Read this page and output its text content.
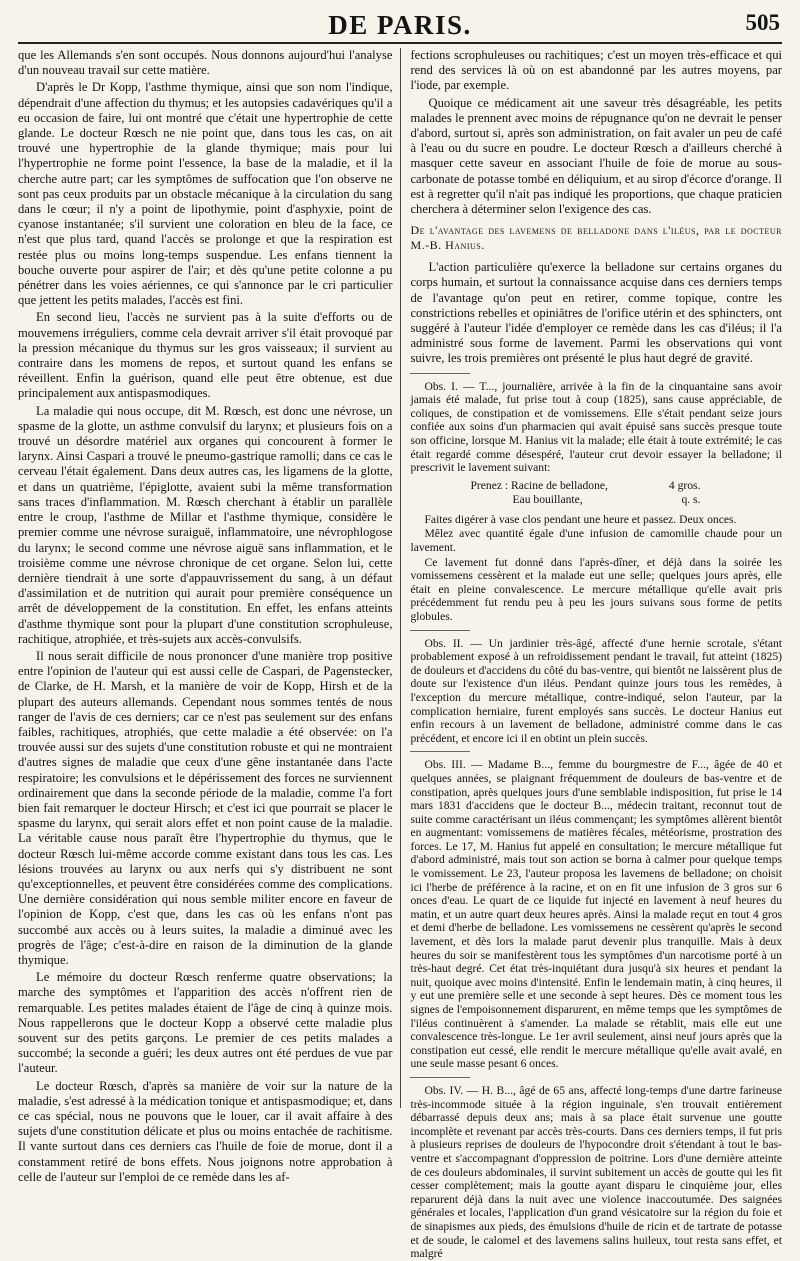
DE PARIS.	505

que les Allemands s'en sont occupés. Nous donnons aujourd'hui l'analyse d'un nouveau travail sur cette matière.

D'après le Dr Kopp, l'asthme thymique, ainsi que son nom l'indique, dépendrait d'une affection du thymus; et les autopsies cadavériques qu'il a eu occasion de faire, lui ont montré que c'était une hypertrophie de cette glande. Le docteur Rœsch ne nie point que, dans tous les cas, on ait trouvé une hypertrophie de la glande thymique; mais pour lui l'hypertrophie ne forme point l'essence, la base de la maladie, et il la cherche autre part; car les symptômes de suffocation que l'on observe ne sont pas ceux produits par un obstacle mécanique à la circulation du sang dans le cœur; il n'y a point de lipothymie, point d'asphyxie, point de cyanose instantanée; s'il survient une coloration en bleu de la face, ce n'est que plus tard, quand l'accès se prolonge et que la respiration est restée plus ou moins long-temps suspendue. Les enfans tiennent la bouche ouverte pour aspirer de l'air; et dès qu'une petite colonne a pu pénétrer dans les voies aériennes, ce qui s'annonce par le cri particulier que jettent les petits malades, l'accès est fini.

En second lieu, l'accès ne survient pas à la suite d'efforts ou de mouvemens irréguliers, comme cela devrait arriver s'il était provoqué par la pression mécanique du thymus sur les gros vaisseaux; il survient au contraire dans les momens de repos, et surtout quand les enfans se réveillent. Enfin la guérison, quand elle peut être obtenue, est due principalement aux antispasmodiques.

La maladie qui nous occupe, dit M. Rœsch, est donc une névrose, un spasme de la glotte, un asthme convulsif du larynx; et plusieurs fois on a trouvé un désordre matériel aux organes qui concourent à former le larynx. Ainsi Caspari a trouvé le pneumo-gastrique ramolli; dans ce cas le cerveau l'était également. Dans deux autres cas, les ligamens de la glotte, et dans un quatrième, l'épiglotte, avaient subi la même transformation sans traces d'inflammation. M. Rœsch cherchant à établir un parallèle entre le croup, l'asthme de Millar et l'asthme thymique, considère le premier comme une névrose suraiguë, inflammatoire, une névrophlogose du larynx; le second comme une névrose aiguë sans inflammation, et le troisième comme une névrose chronique de cet organe. Selon lui, cette dernière tiendrait à une sorte d'appauvrissement du sang, à un défaut d'assimilation et de nutrition qui aurait pour première conséquence un arrêt de développement de la constitution. En effet, les enfans atteints d'asthme thymique sont pour la plupart d'une constitution scrophuleuse, rachitique, atrophiée, et très-sujets aux accès-convulsifs.

Il nous serait difficile de nous prononcer d'une manière trop positive entre l'opinion de l'auteur qui est aussi celle de Caspari, de Pagenstecker, de Clarke, de H. Marsh, et la manière de voir de Kopp, Hirsh et de la plupart des auteurs allemands. Cependant nous sommes tentés de nous ranger de l'avis de ces derniers; car ce n'est pas seulement sur des enfans faibles, rachitiques, atrophiés, que cette maladie a été observée: on l'a trouvée aussi sur des sujets d'une constitution robuste et qui ne montraient d'autres signes de maladie que ceux d'une gêne instantanée dans l'acte respiratoire; les convulsions et le dépérissement des forces ne surviennent ordinairement que dans la seconde période de la maladie, comme l'a fort bien fait remarquer le docteur Hirsch; et c'est ici que pourrait se placer le spasme du larynx, qui serait alors effet et non point cause de la maladie. La véritable cause nous paraît être l'hypertrophie du thymus, que le docteur Rœsch lui-même accorde comme existant dans tous les cas. Les lésions trouvées au larynx ou aux nerfs qui s'y distribuent ne sont qu'exceptionnelles, et peuvent être considérées comme des complications. Une dernière considération qui nous semble militer encore en faveur de l'opinion de Kopp, c'est que, dans les cas où les enfans n'ont pas succombé aux accès ou à leurs suites, la maladie a diminué avec les progrès de l'âge; c'est-à-dire en raison de la diminution de la glande thymique.

Le mémoire du docteur Rœsch renferme quatre observations; la marche des symptômes et l'apparition des accès n'offrent rien de remarquable. Les petites malades étaient de l'âge de cinq à quinze mois. Nous rappellerons que le docteur Kopp a observé cette maladie plus souvent sur des petits garçons. Le premier de ces petits malades a succombé; la seconde a guéri; les deux autres ont été perdues de vue par l'auteur.

Le docteur Rœsch, d'après sa manière de voir sur la nature de la maladie, s'est adressé à la médication tonique et antispasmodique; et, dans ce cas spécial, nous ne pouvons que le louer, car il avait affaire à des sujets d'une constitution délicate et plus ou moins entachée de rachitisme. Il vante surtout dans ces derniers cas l'huile de foie de morue, dont il a constamment retiré de bons effets. Nous joignons notre approbation à celle de l'auteur sur l'emploi de ce remède dans les af-

fections scrophuleuses ou rachitiques; c'est un moyen très-efficace et qui rend des services là où on est abandonné par les autres moyens, par l'iode, par exemple.

Quoique ce médicament ait une saveur très désagréable, les petits malades le prennent avec moins de répugnance qu'on ne devrait le penser d'abord, surtout si, après son administration, on fait avaler un peu de café à l'eau ou du sucre en poudre. Le docteur Rœsch a d'ailleurs cherché à masquer cette saveur en associant l'huile de foie de morue au sous-carbonate de potasse tombé en déliquium, et au sirop d'écorce d'orange. Il est à regretter qu'il n'ait pas indiqué les proportions, que chaque praticien cherchera à déterminer selon l'exigence des cas.

De l'avantage des lavemens de belladone dans l'iléus, par le docteur M.-B. Hanius.

L'action particulière qu'exerce la belladone sur certains organes du corps humain, et surtout la connaissance acquise dans ces derniers temps de l'avantage qu'on peut en retirer, comme topique, contre les constrictions rebelles et opiniâtres de l'orifice utérin et des sphincters, ont suggéré à l'auteur l'idée d'employer ce remède dans les cas d'iléus; il l'a administré sous forme de lavement. Parmi les observations qui vont suivre, les trois premières ont présenté le plus haut degré de gravité.

Obs. I. — T..., journalière, arrivée à la fin de la cinquantaine sans avoir jamais été malade, fut prise tout à coup (1825), sans cause appréciable, de coliques, de constipation et de vomissemens. Elle s'était pendant seize jours confiée aux soins d'un pharmacien qui avait épuisé sans succès presque toute son officine, lorsque M. Hanius vit la malade; elle était à toute extrémité; le cas était regardé comme désespéré, l'auteur crut devoir essayer la belladone; il prescrivit le lavement suivant:

Prenez : Racine de belladone,	4 gros.
Eau bouillante,	q. s.

Faites digérer à vase clos pendant une heure et passez. Deux onces.

Mêlez avec quantité égale d'une infusion de camomille chaude pour un lavement.

Ce lavement fut donné dans l'après-dîner, et déjà dans la soirée les vomissemens cessèrent et la malade eut une selle; quelques jours après, elle était en pleine convalescence. Le mercure métallique qu'elle avait pris précédemment fut rendu peu à peu les jours suivans sous forme de petits globules.

Obs. II. — Un jardinier très-âgé, affecté d'une hernie scrotale, s'étant probablement exposé à un refroidissement pendant le travail, fut atteint (1825) de douleurs et d'accidens du côté du bas-ventre, qui bientôt ne laissèrent plus de doute sur l'existence d'un iléus. Pendant quinze jours tous les remèdes, à l'exception du mercure métallique, contre-indiqué, selon l'auteur, par la complication herniaire, furent employés sans succès. Le docteur Hanius eut enfin recours à un lavement de belladone, administré comme dans le cas précédent, et encore ici il en obtint un plein succès.

Obs. III. — Madame B..., femme du bourgmestre de F..., âgée de 40 et quelques années, se plaignant fréquemment de douleurs de bas-ventre et de constipation, après quelques jours d'une semblable indisposition, fut prise le 14 mars 1831 d'accidens que le docteur B..., médecin traitant, reconnut tout de suite comme caractérisant un iléus commençant; les symptômes allèrent bientôt en augmentant: vomissemens de matières fécales, météorisme, prostration des forces. Le 17, M. Hanius fut appelé en consultation; le mercure métallique fut d'abord administré, mais tout son action se borna à calmer pour quelque temps le vomissement. Le 23, l'auteur proposa les lavemens de belladone; on choisit ici l'herbe de préférence à la racine, et on en fit une infusion de 3 gros sur 6 onces d'eau. Le quart de ce liquide fut injecté en lavement à neuf heures du matin, et un autre quart deux heures après. Ainsi la malade reçut en tout 4 gros et demi d'herbe de belladone. Les vomissemens ne cessèrent qu'après le second lavement, et dès lors la malade parut devenir plus tranquille. Mais à deux heures du soir se manifestèrent tous les symptômes d'un narcotisme porté à un très-haut degré. Cet état très-inquiétant dura jusqu'à six heures et pendant la nuit, quoique avec moins d'intensité. Enfin le lendemain matin, à cinq heures, il y eut une première selle et une seconde à sept heures. Dès ce moment tous les signes de l'empoisonnement disparurent, en même temps que les symptômes de l'iléus continuèrent à s'amender. La malade se rétablit, mais elle eut une convalescence très-longue. Le 1er avril seulement, ainsi neuf jours après que la constipation eut cessé, elle rendit le mercure métallique qu'elle avait avalé, en une seule masse pesant 6 onces.

Obs. IV. — H. B..., âgé de 65 ans, affecté long-temps d'une dartre farineuse très-incommode située à la région inguinale, s'en trouvait entièrement débarrassé depuis deux ans; mais à sa place était survenue une goutte incomplète et revenant par accès très-courts. Dans ces derniers temps, il fut pris à plusieurs reprises de douleurs de l'hypocondre droit s'étendant à tout le bas-ventre et s'accompagnant d'oppression de poitrine. Lors d'une dernière atteinte de ces douleurs abdominales, il survint subitement un accès de goutte qui les fit cesser complètement; mais la goutte ayant disparu le cinquième jour, elles reparurent déjà dans la nuit avec une violence inaccoutumée. Des saignées générales et locales, l'application d'un grand vésicatoire sur la région du foie et de sinapismes aux pieds, des émulsions d'huile de ricin et de tartrate de potasse et de soude, le calomel et des lavemens salins huileux, tout resta sans effet, et malgré
